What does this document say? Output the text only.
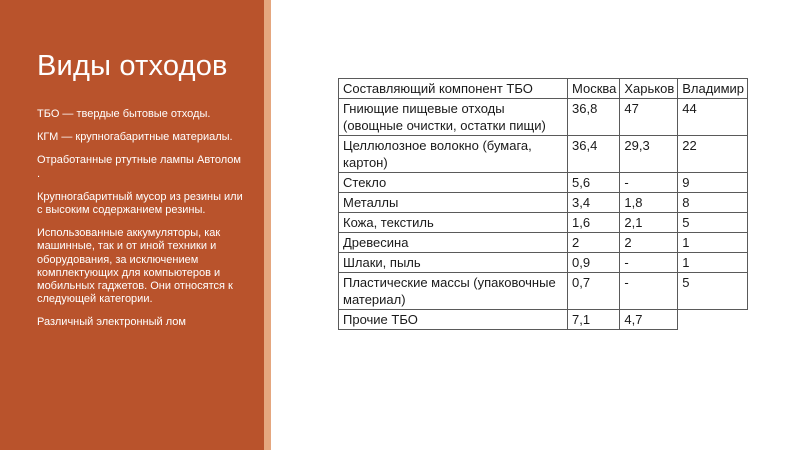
Виды отходов

ТБО — твердые бытовые отходы.

КГМ — крупногабаритные материалы.

Отработанные ртутные лампы Автолом .

Крупногабаритный мусор из резины или с высоким содержанием резины.

Использованные аккумуляторы, как машинные, так и от иной техники и оборудования, за исключением комплектующих для компьютеров и мобильных гаджетов. Они относятся к следующей категории.

Различный электронный лом

Составляющий компонент ТБО	Москва	Харьков	Владимир
Гниющие пищевые отходы (овощные очистки, остатки пищи)	36,8	47	44
Целлюлозное волокно (бумага, картон)	36,4	29,3	22
Стекло	5,6	-	9
Металлы	3,4	1,8	8
Кожа, текстиль	1,6	2,1	5
Древесина	2	2	1
Шлаки, пыль	0,9	-	1
Пластические массы (упаковочные материал)	0,7	-	5
Прочие ТБО	7,1	4,7	
